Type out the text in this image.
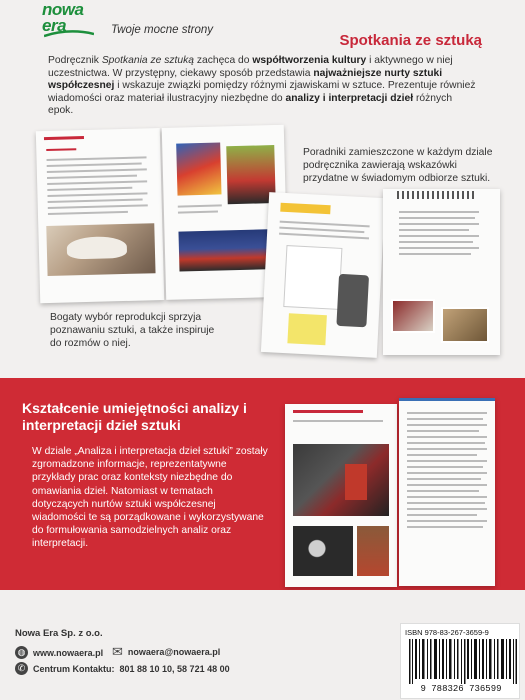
nowa
era	Twoje mocne strony
Spotkania ze sztuką
Podręcznik Spotkania ze sztuką zachęca do współtworzenia kultury i aktywnego w niej uczestnictwa. W przystępny, ciekawy sposób przedstawia najważniejsze nurty sztuki współczesnej i wskazuje związki pomiędzy różnymi zjawiskami w sztuce. Prezentuje również wiadomości oraz materiał ilustracyjny niezbędne do analizy i interpretacji dzieł różnych epok.
Bogaty wybór reprodukcji sprzyja poznawaniu sztuki, a także inspiruje do rozmów o niej.
Poradniki zamieszczone w każdym dziale podręcznika zawierają wskazówki przydatne w świadomym odbiorze sztuki.
Kształcenie umiejętności analizy i interpretacji dzieł sztuki
W dziale „Analiza i interpretacja dzieł sztuki” zostały zgromadzone informacje, reprezentatywne przykłady prac oraz konteksty niezbędne do omawiania dzieł. Natomiast w tematach dotyczących nurtów sztuki współczesnej wiadomości te są porządkowane i wykorzystywane do formułowania samodzielnych analiz oraz interpretacji.
Nowa Era Sp. z o.o.
◍ www.nowaera.pl ✉ nowaera@nowaera.pl
✆ Centrum Kontaktu: 801 88 10 10, 58 721 48 00
ISBN 978-83-267-3659-9
9 788326 736599
